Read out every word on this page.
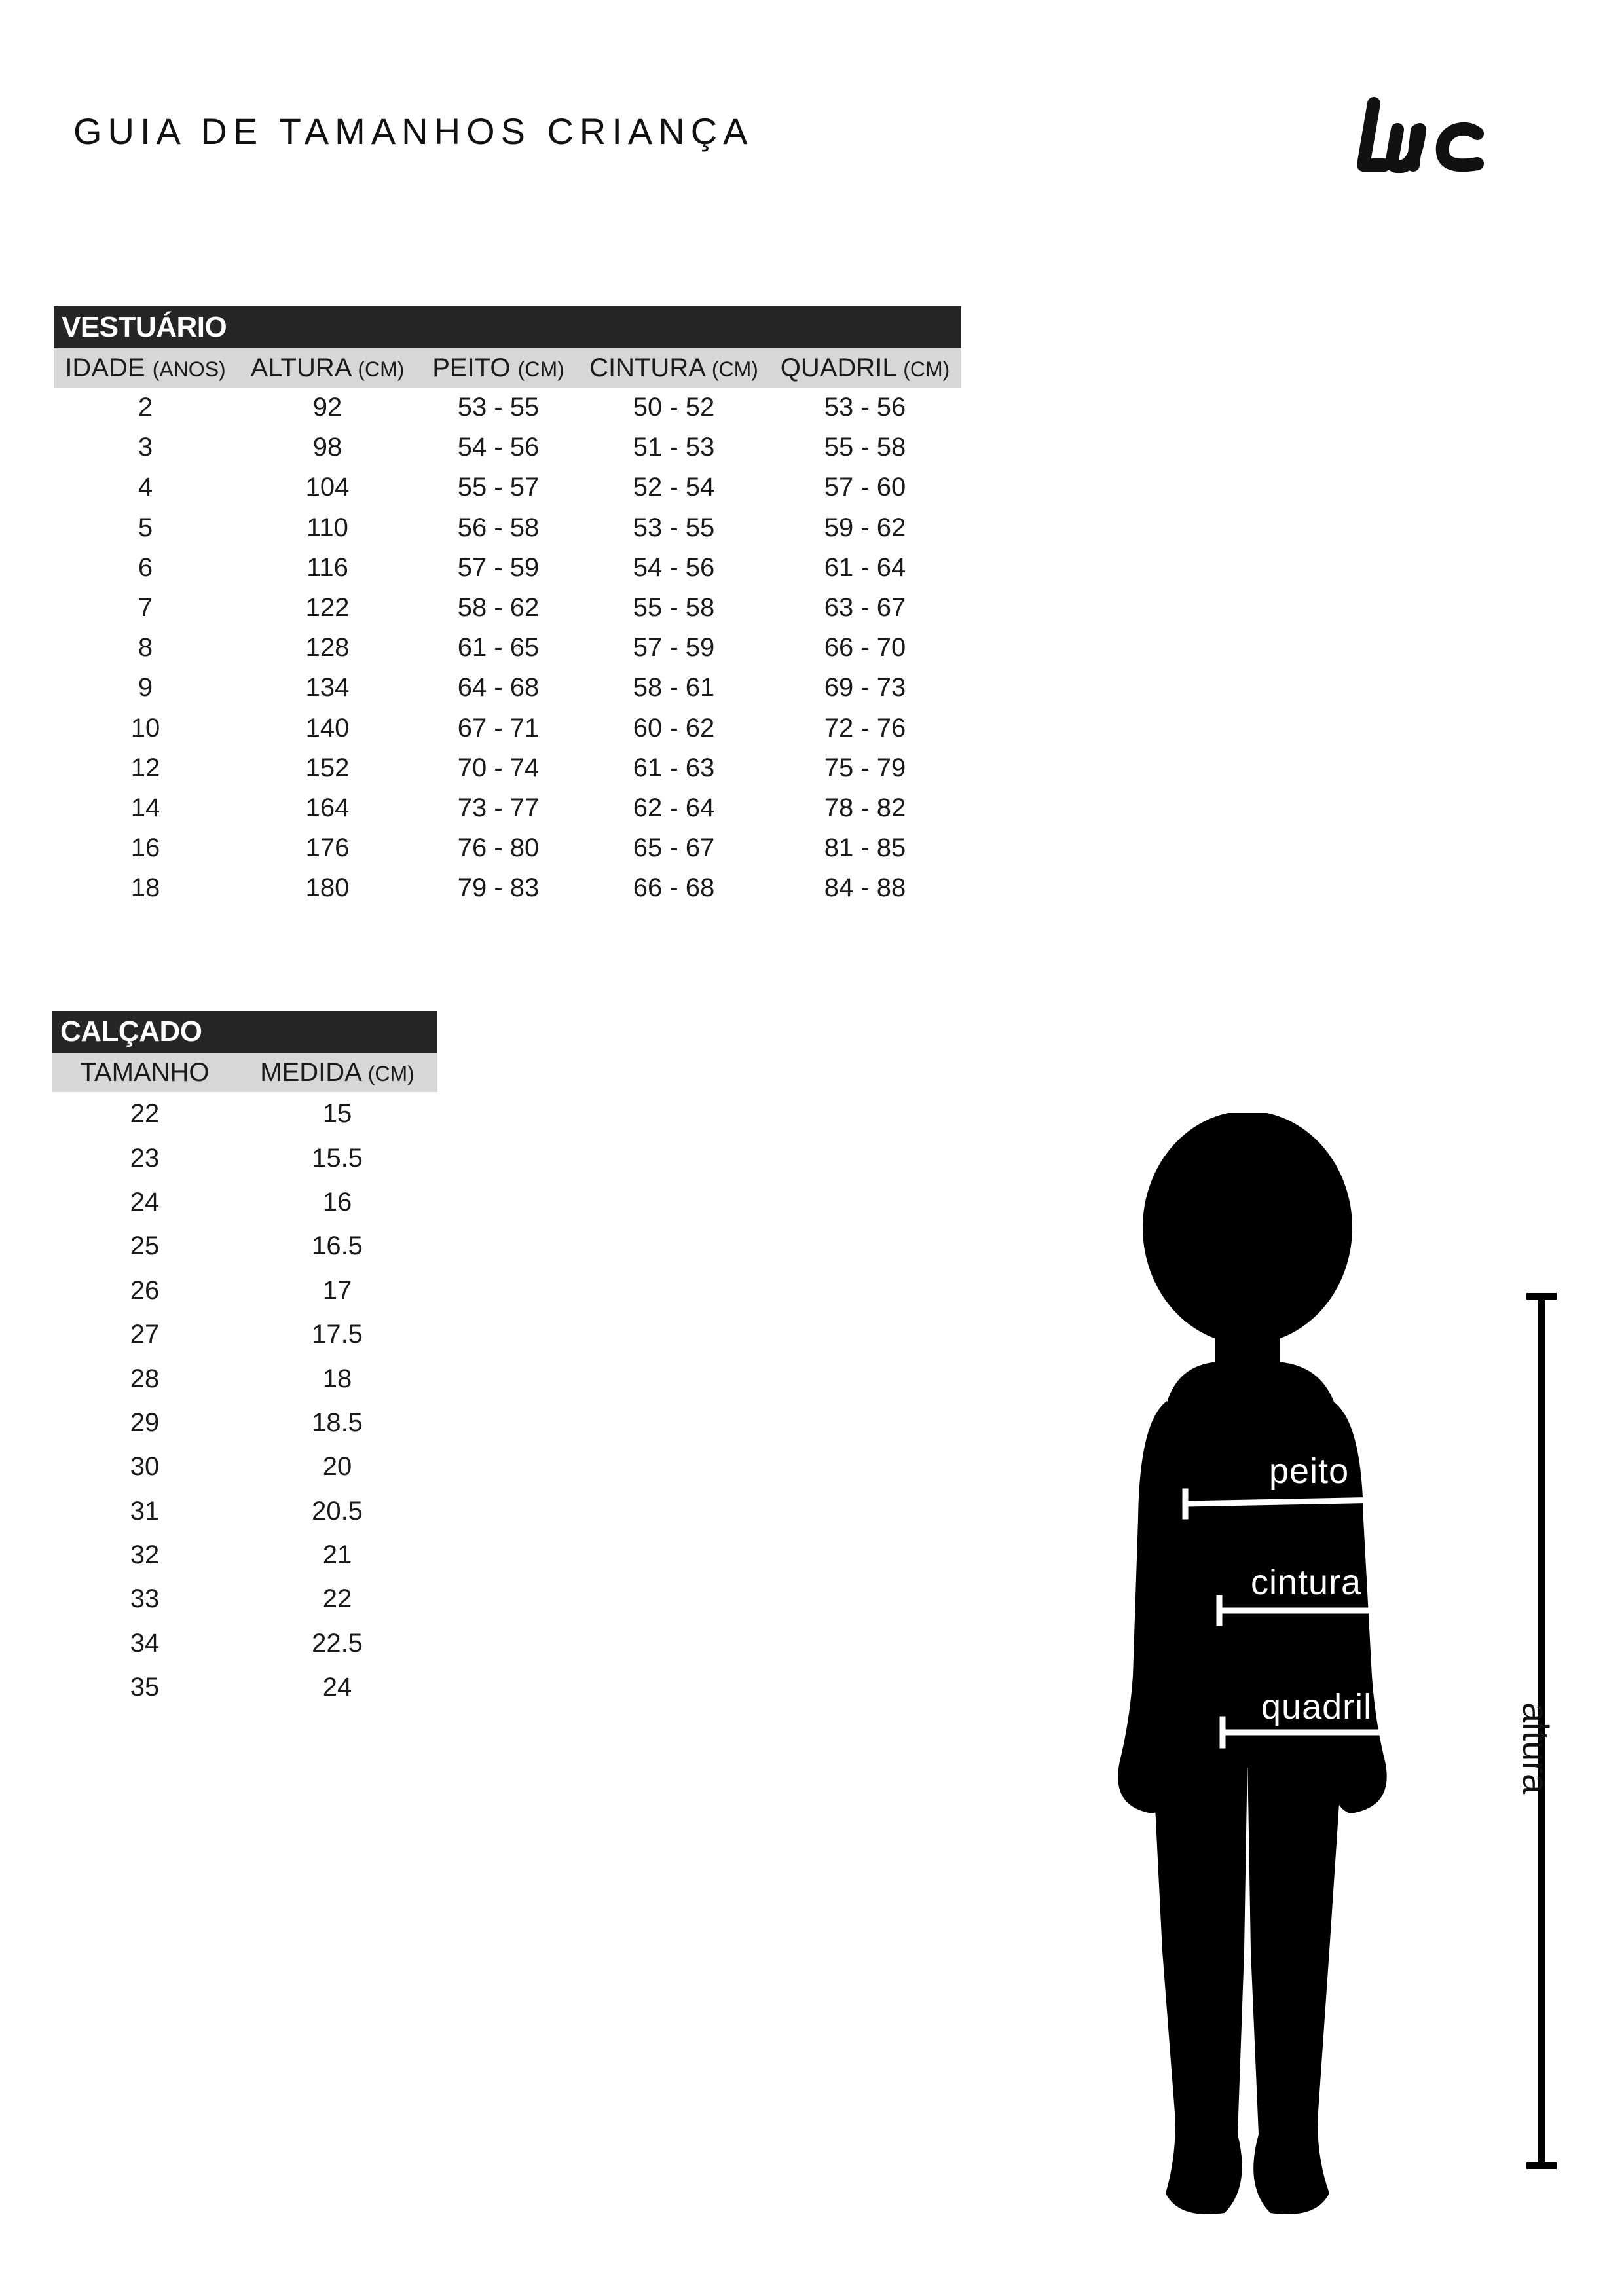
GUIA DE TAMANHOS CRIANÇA
VESTUÁRIO				
IDADE (ANOS)	ALTURA (CM)	PEITO (CM)	CINTURA (CM)	QUADRIL (CM)
2	92	53 - 55	50 - 52	53 - 56
3	98	54 - 56	51 - 53	55 - 58
4	104	55 - 57	52 - 54	57 - 60
5	110	56 - 58	53 - 55	59 - 62
6	116	57 - 59	54 - 56	61 - 64
7	122	58 - 62	55 - 58	63 - 67
8	128	61 - 65	57 - 59	66 - 70
9	134	64 - 68	58 - 61	69 - 73
10	140	67 - 71	60 - 62	72 - 76
12	152	70 - 74	61 - 63	75 - 79
14	164	73 - 77	62 - 64	78 - 82
16	176	76 - 80	65 - 67	81 - 85
18	180	79 - 83	66 - 68	84 - 88
CALÇADO	
TAMANHO	MEDIDA (CM)
22	15
23	15.5
24	16
25	16.5
26	17
27	17.5
28	18
29	18.5
30	20
31	20.5
32	21
33	22
34	22.5
35	24
peito
cintura
quadril	altura
